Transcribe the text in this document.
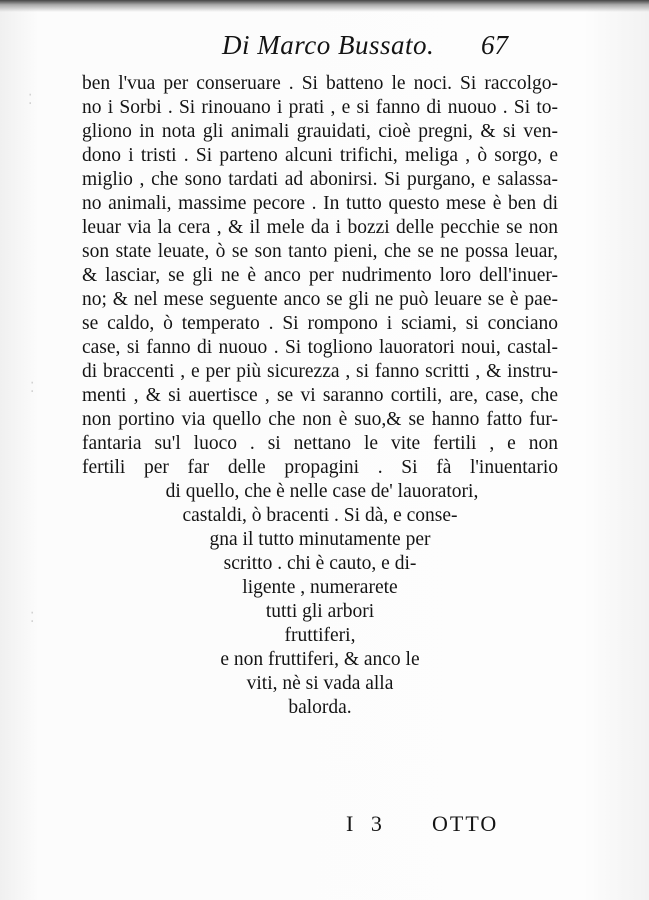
Di Marco Bussato. 67
⁚
⁚
⁚
ben l'vua per conseruare . Si batteno le noci. Si raccolgo-
no i Sorbi . Si rinouano i prati , e si fanno di nuouo . Si to-
gliono in nota gli animali grauidati, cioè pregni, & si ven-
dono i tristi . Si parteno alcuni trifichi, meliga , ò sorgo, e
miglio , che sono tardati ad abonirsi. Si purgano, e salassa-
no animali, massime pecore . In tutto questo mese è ben di
leuar via la cera , & il mele da i bozzi delle pecchie se non
son state leuate, ò se son tanto pieni, che se ne possa leuar,
& lasciar, se gli ne è anco per nudrimento loro dell'inuer-
no; & nel mese seguente anco se gli ne può leuare se è pae-
se caldo, ò temperato . Si rompono i sciami, si conciano
case, si fanno di nuouo . Si togliono lauoratori noui, castal-
di braccenti , e per più sicurezza , si fanno scritti , & instru-
menti , & si auertisce , se vi saranno cortili, are, case, che
non portino via quello che non è suo,& se hanno fatto fur-
fantaria su'l luoco . si nettano le vite fertili , e non
fertili per far delle propagini . Si fà l'inuentario
di quello, che è nelle case de' lauoratori,
castaldi, ò bracenti . Si dà, e conse-
gna il tutto minutamente per
scritto . chi è cauto, e di-
ligente , numerarete
tutti gli arbori
fruttiferi,
e non fruttiferi, & anco le
viti, nè si vada alla
balorda.
I 3 OTTO
